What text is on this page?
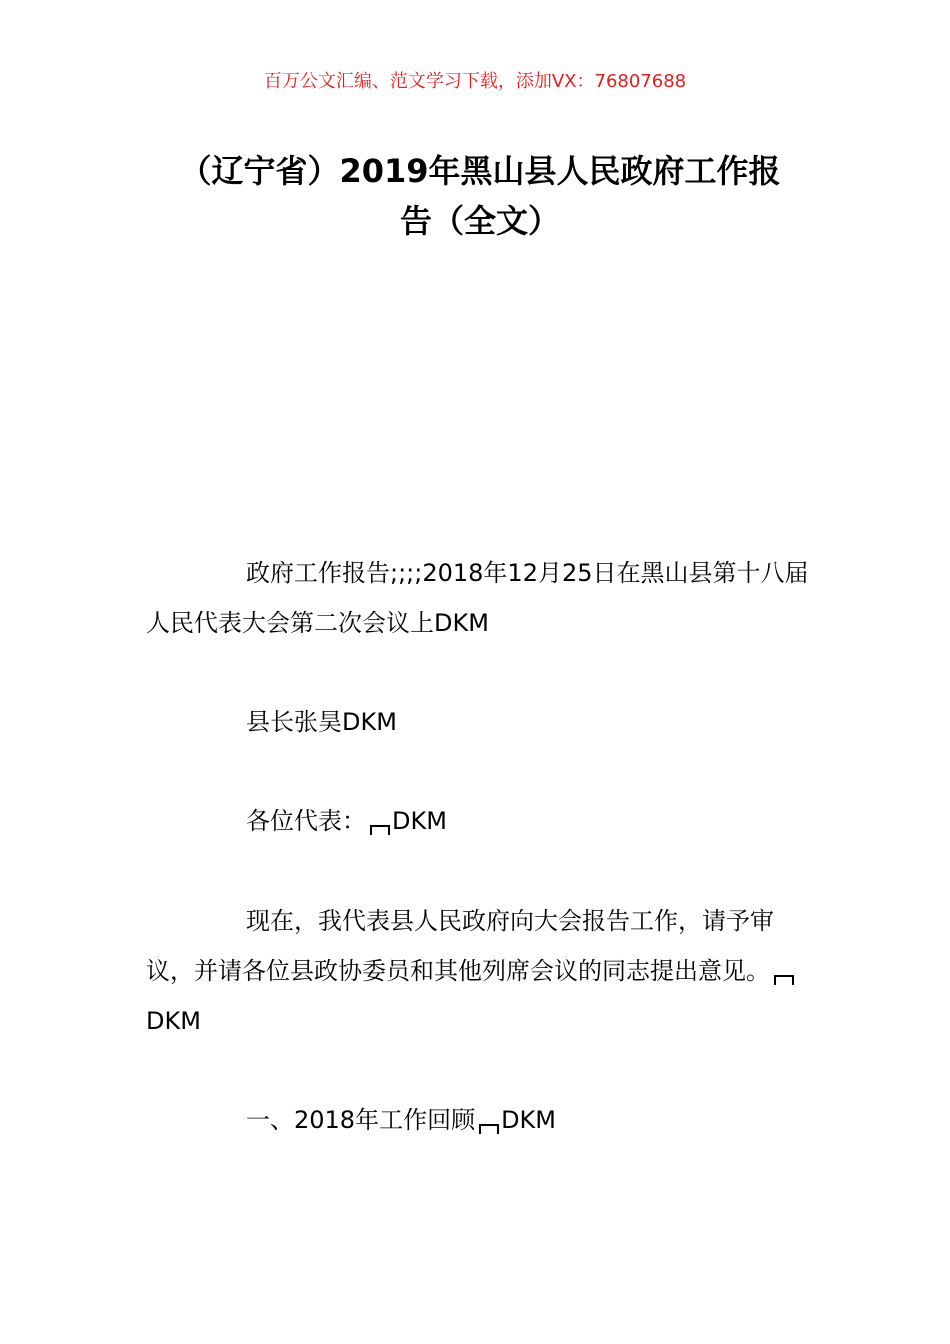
百万公文汇编、范文学习下载，添加VX：76807688
（辽宁省）2019年黑山县人民政府工作报
告（全文）

政府工作报告;;;;2018年12月25日在黑山县第十八届人民代表大会第二次会议上DKM

县长张昊DKM

各位代表： DKM

现在，我代表县人民政府向大会报告工作，请予审议，并请各位县政协委员和其他列席会议的同志提出意见。DKM

一、2018年工作回顾 DKM
